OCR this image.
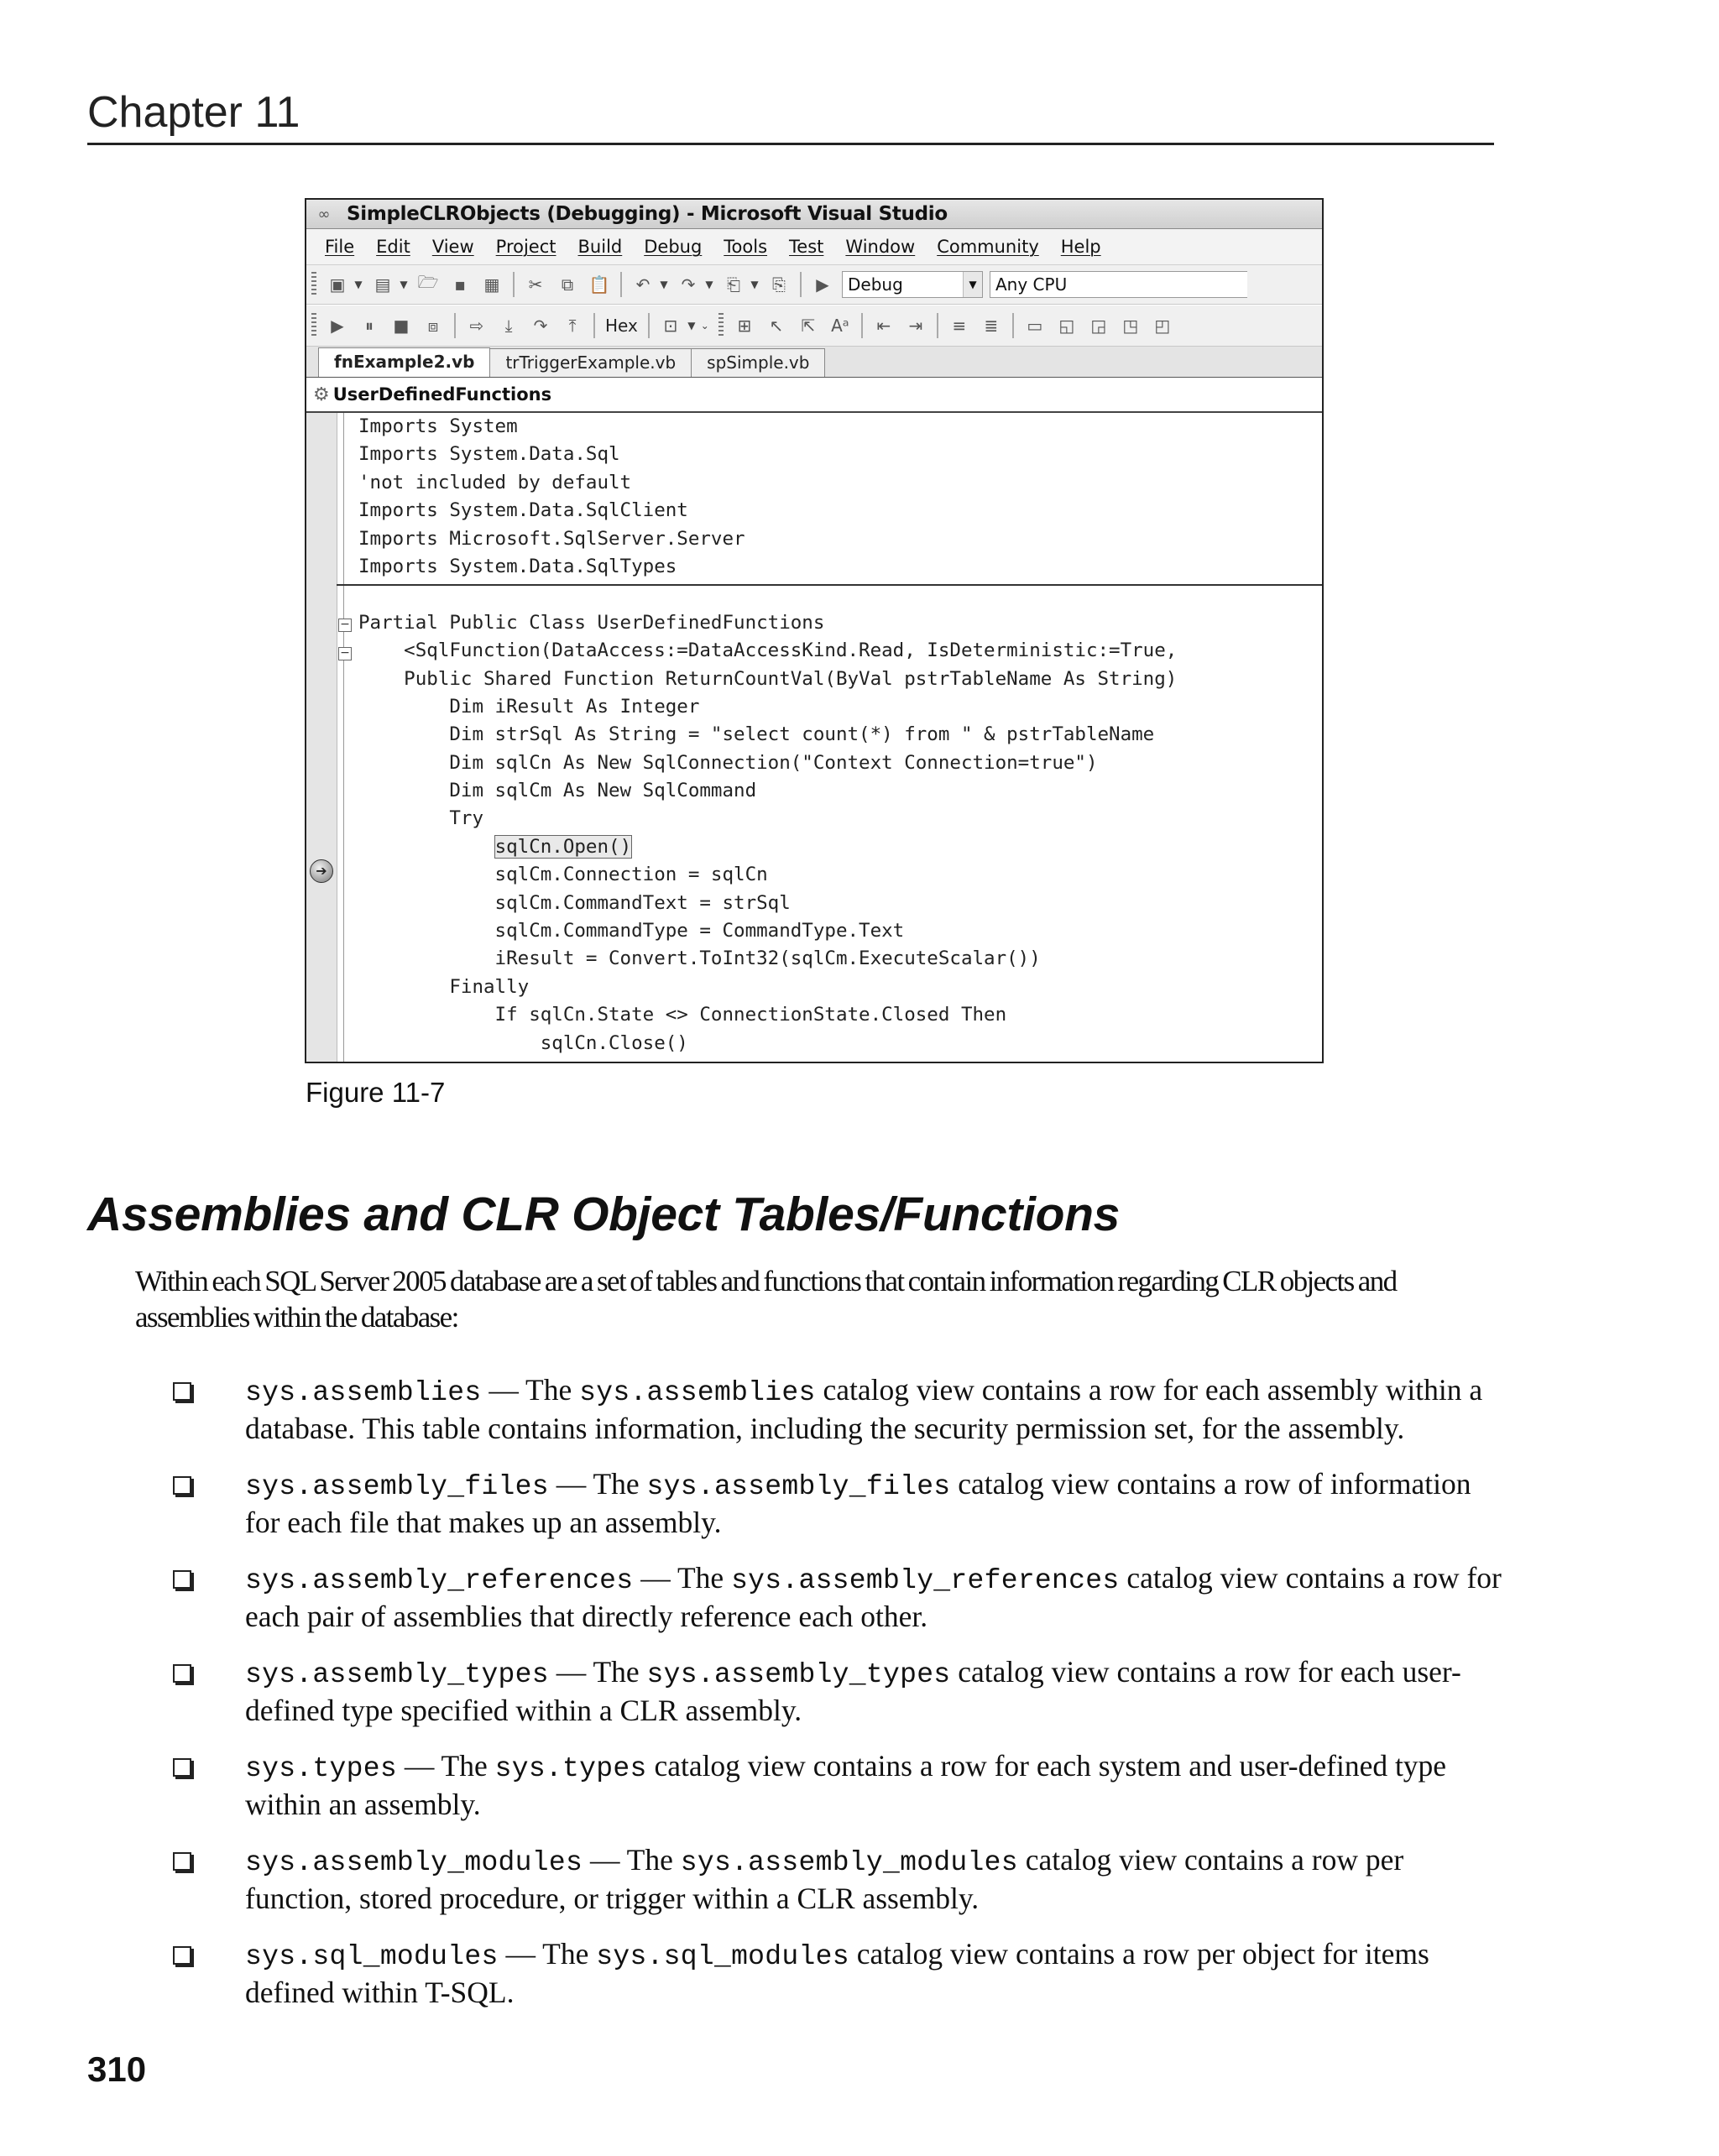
Chapter 11
∞ SimpleCLRObjects (Debugging) - Microsoft Visual Studio
File Edit View Project Build Debug Tools Test Window Community Help
▣ ▼ ▤ ▼ 🗁 ▪	▦	✂	⧉ 📋	↶	▼ ↷	▼ ⎗	▼ ⎘	▶	Debug	▼	Any CPU
▶	⏸	■	⧈	⇨	⤓	↷	⤒	Hex	⊡	▼ ⌄	⊞	↖	⇱ Aᵃ	⇤	⇥	≡	≣	▭ ◱ ◲ ◳ ◰
fnExample2.vb	trTriggerExample.vb	spSimple.vb
⚙ UserDefinedFunctions
−
−
➔
Imports System
Imports System.Data.Sql
'not included by default
Imports System.Data.SqlClient
Imports Microsoft.SqlServer.Server
Imports System.Data.SqlTypes

Partial Public Class UserDefinedFunctions
<SqlFunction(DataAccess:=DataAccessKind.Read, IsDeterministic:=True,
Public Shared Function ReturnCountVal(ByVal pstrTableName As String)
Dim iResult As Integer
Dim strSql As String = "select count(*) from " & pstrTableName
Dim sqlCn As New SqlConnection("Context Connection=true")
Dim sqlCm As New SqlCommand
Try
sqlCn.Open()
sqlCm.Connection = sqlCn
sqlCm.CommandText = strSql
sqlCm.CommandType = CommandType.Text
iResult = Convert.ToInt32(sqlCm.ExecuteScalar())
Finally
If sqlCn.State <> ConnectionState.Closed Then
sqlCn.Close()
Figure 11-7
Assemblies and CLR Object Tables/Functions
Within each SQL Server 2005 database are a set of tables and functions that contain information regarding CLR objects and assemblies within the database:
sys.assemblies — The sys.assemblies catalog view contains a row for each assembly within a database. This table contains information, including the security permission set, for the assembly.
sys.assembly_files — The sys.assembly_files catalog view contains a row of information for each file that makes up an assembly.
sys.assembly_references — The sys.assembly_references catalog view contains a row for each pair of assemblies that directly reference each other.
sys.assembly_types — The sys.assembly_types catalog view contains a row for each user-defined type specified within a CLR assembly.
sys.types — The sys.types catalog view contains a row for each system and user-defined type within an assembly.
sys.assembly_modules — The sys.assembly_modules catalog view contains a row per function, stored procedure, or trigger within a CLR assembly.
sys.sql_modules — The sys.sql_modules catalog view contains a row per object for items defined within T-SQL.
310
